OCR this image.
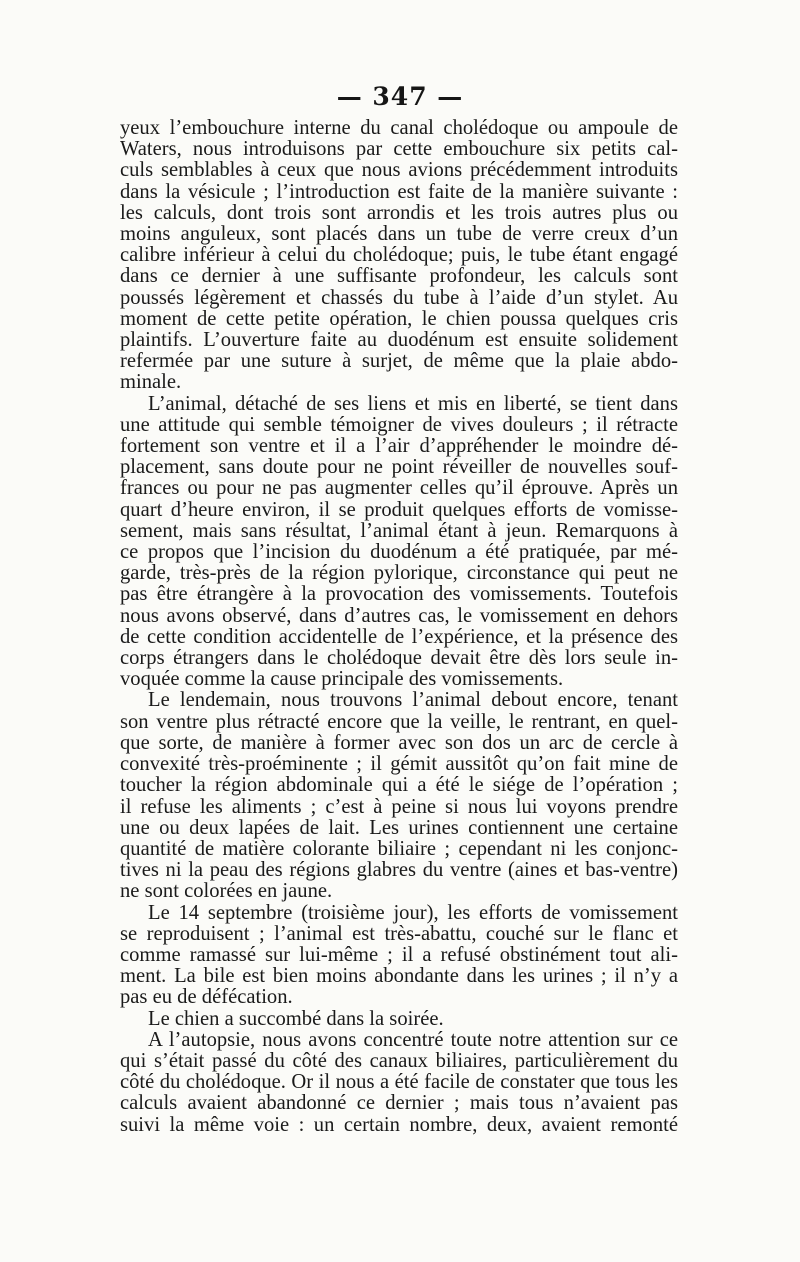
— 347 —
yeux l’embouchure interne du canal cholédoque ou ampoule de
Waters, nous introduisons par cette embouchure six petits cal-
culs semblables à ceux que nous avions précédemment introduits
dans la vésicule ; l’introduction est faite de la manière suivante :
les calculs, dont trois sont arrondis et les trois autres plus ou
moins anguleux, sont placés dans un tube de verre creux d’un
calibre inférieur à celui du cholédoque; puis, le tube étant engagé
dans ce dernier à une suffisante profondeur, les calculs sont
poussés légèrement et chassés du tube à l’aide d’un stylet. Au
moment de cette petite opération, le chien poussa quelques cris
plaintifs. L’ouverture faite au duodénum est ensuite solidement
refermée par une suture à surjet, de même que la plaie abdo-
minale.
L’animal, détaché de ses liens et mis en liberté, se tient dans
une attitude qui semble témoigner de vives douleurs ; il rétracte
fortement son ventre et il a l’air d’appréhender le moindre dé-
placement, sans doute pour ne point réveiller de nouvelles souf-
frances ou pour ne pas augmenter celles qu’il éprouve. Après un
quart d’heure environ, il se produit quelques efforts de vomisse-
sement, mais sans résultat, l’animal étant à jeun. Remarquons à
ce propos que l’incision du duodénum a été pratiquée, par mé-
garde, très-près de la région pylorique, circonstance qui peut ne
pas être étrangère à la provocation des vomissements. Toutefois
nous avons observé, dans d’autres cas, le vomissement en dehors
de cette condition accidentelle de l’expérience, et la présence des
corps étrangers dans le cholédoque devait être dès lors seule in-
voquée comme la cause principale des vomissements.
Le lendemain, nous trouvons l’animal debout encore, tenant
son ventre plus rétracté encore que la veille, le rentrant, en quel-
que sorte, de manière à former avec son dos un arc de cercle à
convexité très-proéminente ; il gémit aussitôt qu’on fait mine de
toucher la région abdominale qui a été le siége de l’opération ;
il refuse les aliments ; c’est à peine si nous lui voyons prendre
une ou deux lapées de lait. Les urines contiennent une certaine
quantité de matière colorante biliaire ; cependant ni les conjonc-
tives ni la peau des régions glabres du ventre (aines et bas-ventre)
ne sont colorées en jaune.
Le 14 septembre (troisième jour), les efforts de vomissement
se reproduisent ; l’animal est très-abattu, couché sur le flanc et
comme ramassé sur lui-même ; il a refusé obstinément tout ali-
ment. La bile est bien moins abondante dans les urines ; il n’y a
pas eu de défécation.
Le chien a succombé dans la soirée.
A l’autopsie, nous avons concentré toute notre attention sur ce
qui s’était passé du côté des canaux biliaires, particulièrement du
côté du cholédoque. Or il nous a été facile de constater que tous les
calculs avaient abandonné ce dernier ; mais tous n’avaient pas
suivi la même voie : un certain nombre, deux, avaient remonté
